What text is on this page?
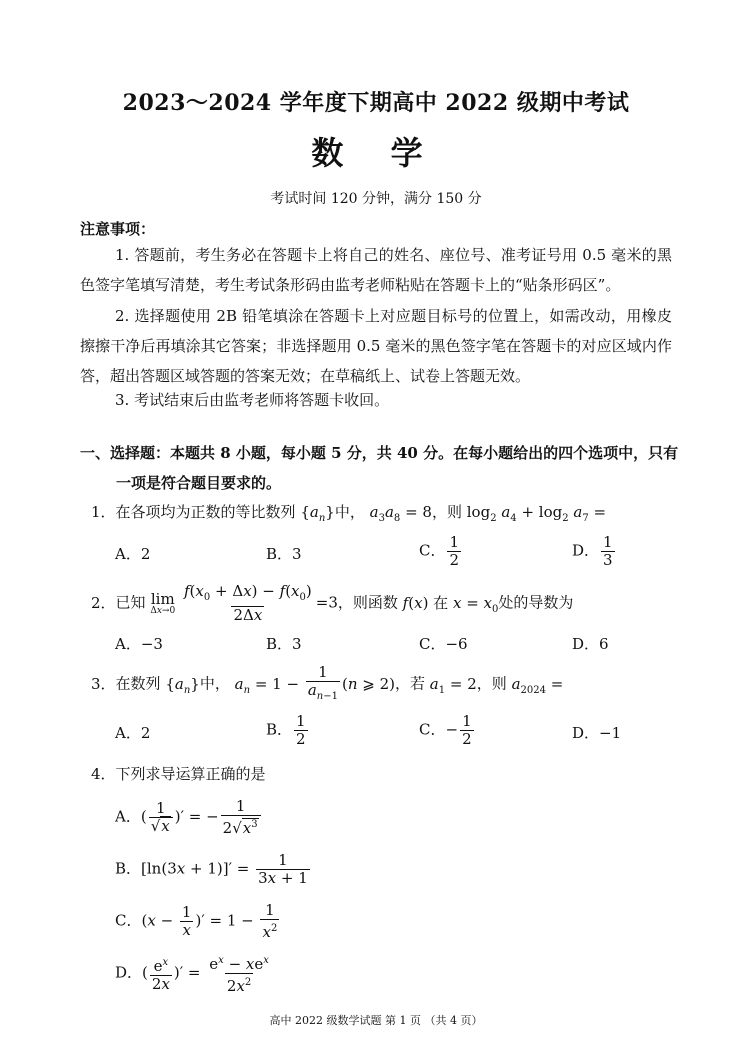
2023～2024 学年度下期高中 2022 级期中考试
数 学
考试时间 120 分钟，满分 150 分
注意事项：
1. 答题前，考生务必在答题卡上将自己的姓名、座位号、准考证号用 0.5 毫米的黑色签字笔填写清楚，考生考试条形码由监考老师粘贴在答题卡上的“贴条形码区”。
2. 选择题使用 2B 铅笔填涂在答题卡上对应题目标号的位置上，如需改动，用橡皮擦擦干净后再填涂其它答案；非选择题用 0.5 毫米的黑色签字笔在答题卡的对应区域内作答，超出答题区域答题的答案无效；在草稿纸上、试卷上答题无效。
3. 考试结束后由监考老师将答题卡收回。
一、选择题：本题共 8 小题，每小题 5 分，共 40 分。在每小题给出的四个选项中，只有
一项是符合题目要求的。
1．在各项均为正数的等比数列 $\{a_n\}$中， $a_3a_8 = 8$，则 $\log_2 a_4 + \log_2 a_7$ =
A．2	B．3	C． $\frac{1}{2}$	D． $\frac{1}{3}$
2．已知 lim
Δx→0
$\frac{f(x_0 + \Delta x) - f(x_0)}{2\Delta x} =3$，则函数 f(x) 在 $x = x_0$处的导数为
A．−3	B．3	C．−6	D．6
3．在数列 $\{a_n\}$中， $a_n = 1 - \frac{1}{a_{n-1}} (n$ ⩾ 2)，若 $a_1 = 2$，则 $a_{2024}$ =
A．2	B． $\frac{1}{2}$	C．− $\frac{1}{2}$	D．−1
4．下列求导运算正确的是
A．( $\frac{1}{√x}$ )′ = − $\frac{1}{2√x^3}$
B．$[\ln(3x + 1)]' = \frac{1}{3x + 1}$
C．($x - \frac{1}{x}$ )′ = $1 - \frac{1}{x^2}$
D．( $\frac{e^x}{2x}$ )′ = $\frac{e^x - xe^x}{2x^2}$
高中 2022 级数学试题 第 1 页 （共 4 页）
